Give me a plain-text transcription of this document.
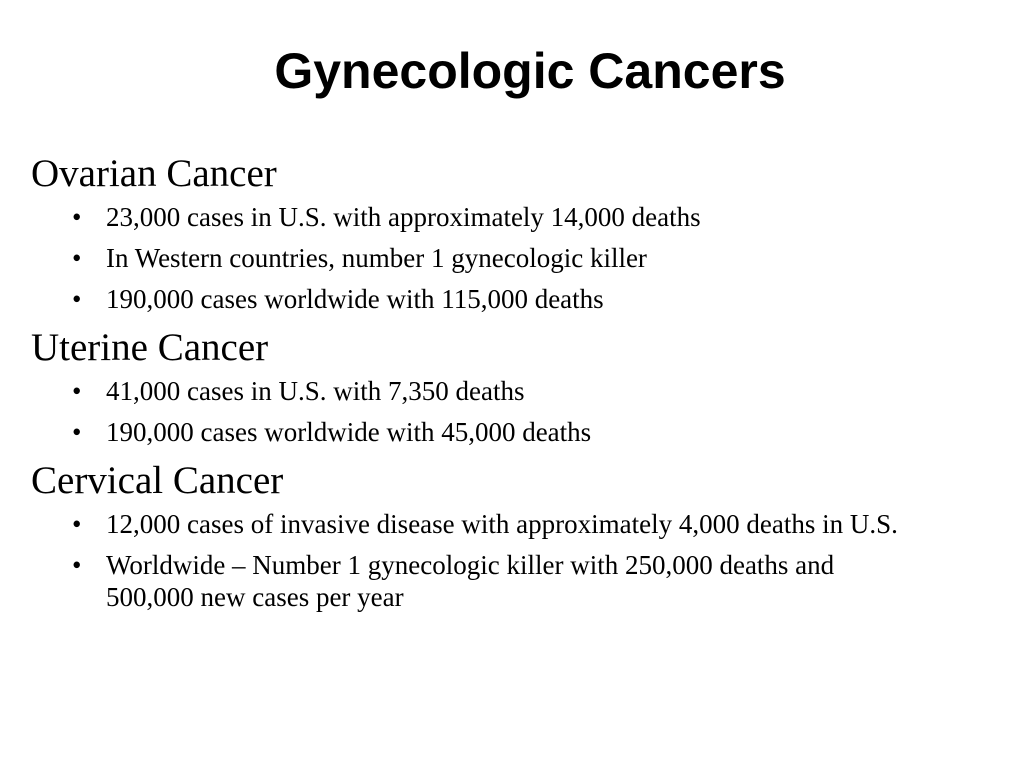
Gynecologic Cancers
Ovarian Cancer
• 23,000 cases in U.S. with approximately 14,000 deaths
• In Western countries, number 1 gynecologic killer
• 190,000 cases worldwide with 115,000 deaths
Uterine Cancer
• 41,000 cases in U.S. with 7,350 deaths
• 190,000 cases worldwide with 45,000 deaths
Cervical Cancer
• 12,000 cases of invasive disease with approximately 4,000 deaths in U.S.
• Worldwide – Number 1 gynecologic killer with 250,000 deaths and 500,000 new cases per year
